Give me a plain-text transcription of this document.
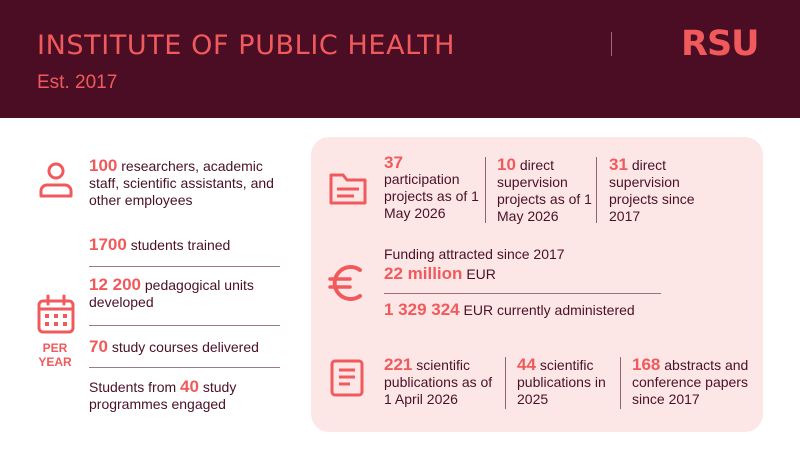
INSTITUTE OF PUBLIC HEALTH
Est. 2017
RSU
100 researchers, academic staff, scientific assistants, and other employees
1700 students trained
PER
YEAR
12 200 pedagogical units developed
70 study courses delivered
Students from 40 study programmes engaged
37
participation projects as of 1 May 2026
10 direct supervision projects as of 1 May 2026
31 direct supervision projects since 2017
Funding attracted since 2017
22 million EUR
1 329 324 EUR currently administered
221 scientific publications as of 1 April 2026
44 scientific publications in 2025
168 abstracts and conference papers since 2017
